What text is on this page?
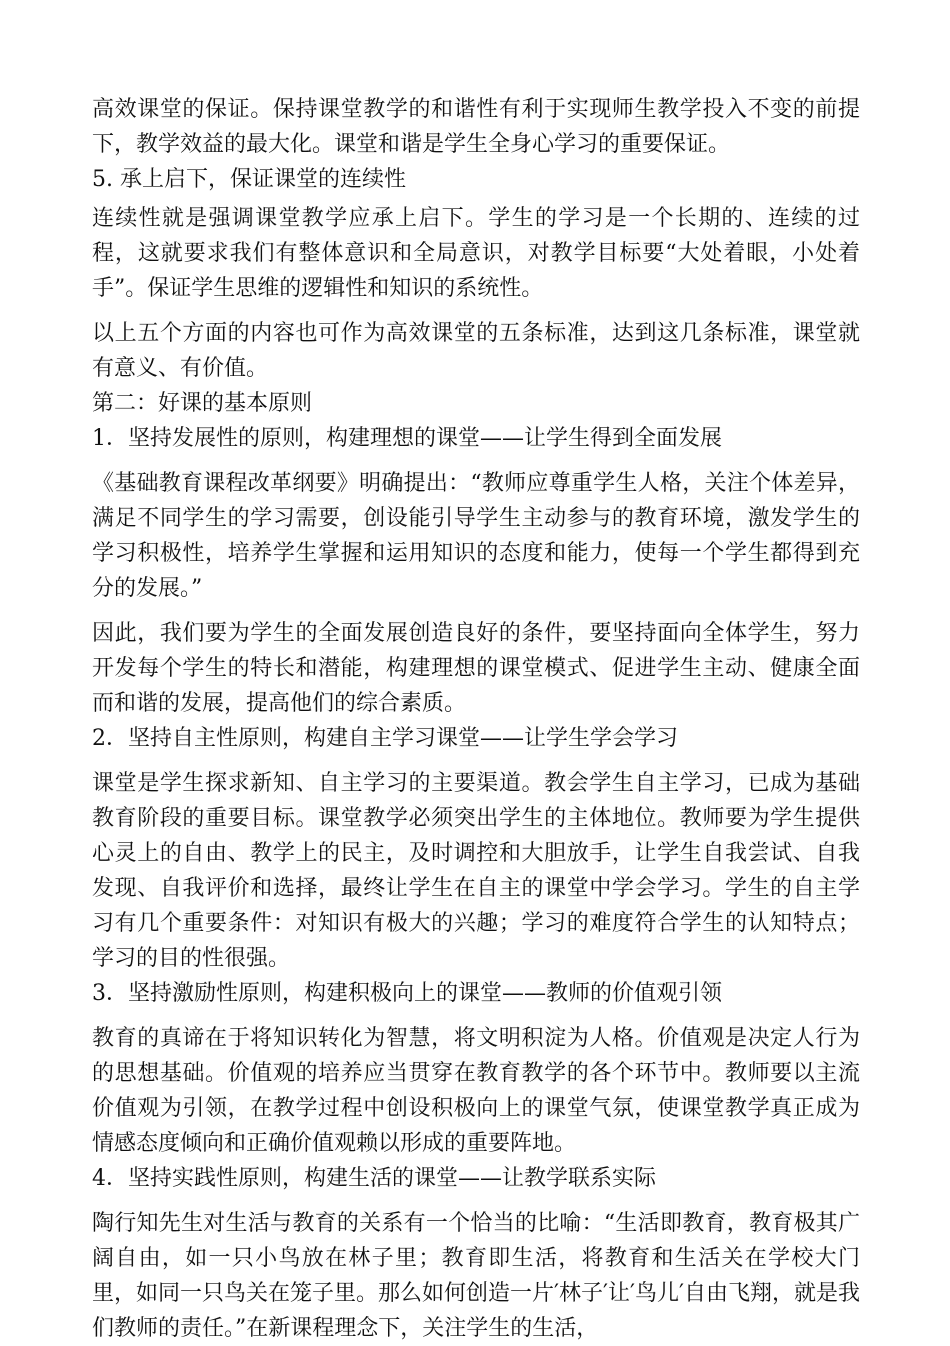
高效课堂的保证。保持课堂教学的和谐性有利于实现师生教学投入不变的前提下，教学效益的最大化。课堂和谐是学生全身心学习的重要保证。

5. 承上启下，保证课堂的连续性

连续性就是强调课堂教学应承上启下。学生的学习是一个长期的、连续的过程，这就要求我们有整体意识和全局意识，对教学目标要“大处着眼，小处着手”。保证学生思维的逻辑性和知识的系统性。

以上五个方面的内容也可作为高效课堂的五条标准，达到这几条标准，课堂就有意义、有价值。

第二：好课的基本原则

1．坚持发展性的原则，构建理想的课堂——让学生得到全面发展

《基础教育课程改革纲要》明确提出：“教师应尊重学生人格，关注个体差异，满足不同学生的学习需要，创设能引导学生主动参与的教育环境，激发学生的学习积极性，培养学生掌握和运用知识的态度和能力，使每一个学生都得到充分的发展。”

因此，我们要为学生的全面发展创造良好的条件，要坚持面向全体学生，努力开发每个学生的特长和潜能，构建理想的课堂模式、促进学生主动、健康全面而和谐的发展，提高他们的综合素质。

2．坚持自主性原则，构建自主学习课堂——让学生学会学习

课堂是学生探求新知、自主学习的主要渠道。教会学生自主学习，已成为基础教育阶段的重要目标。课堂教学必须突出学生的主体地位。教师要为学生提供心灵上的自由、教学上的民主，及时调控和大胆放手，让学生自我尝试、自我发现、自我评价和选择，最终让学生在自主的课堂中学会学习。学生的自主学习有几个重要条件：对知识有极大的兴趣；学习的难度符合学生的认知特点；学习的目的性很强。

3．坚持激励性原则，构建积极向上的课堂——教师的价值观引领

教育的真谛在于将知识转化为智慧，将文明积淀为人格。价值观是决定人行为的思想基础。价值观的培养应当贯穿在教育教学的各个环节中。教师要以主流价值观为引领，在教学过程中创设积极向上的课堂气氛，使课堂教学真正成为情感态度倾向和正确价值观赖以形成的重要阵地。

4．坚持实践性原则，构建生活的课堂——让教学联系实际

陶行知先生对生活与教育的关系有一个恰当的比喻：“生活即教育，教育极其广阔自由，如一只小鸟放在林子里；教育即生活，将教育和生活关在学校大门里，如同一只鸟关在笼子里。那么如何创造一片′林子′让′鸟儿′自由飞翔，就是我们教师的责任。”在新课程理念下，关注学生的生活，
